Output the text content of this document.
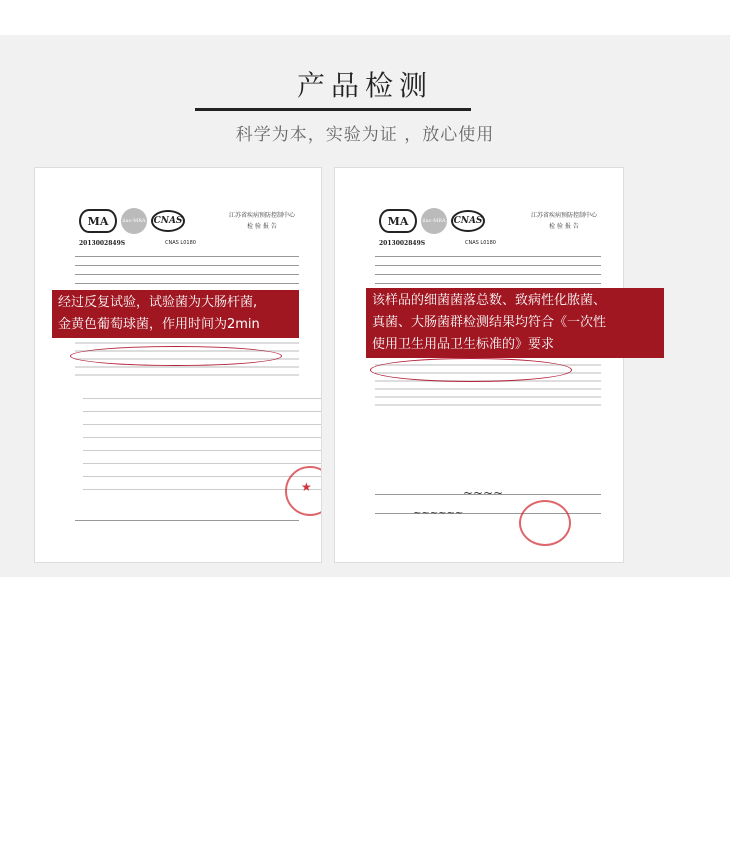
产品检测
科学为本，实验为证 ，放心使用
MA	ilac-MRA CNAS
江苏省疾病预防控制中心
检 验 报 告
2013002849S	CNAS L0180
★
MA	ilac-MRA CNAS
江苏省疾病预防控制中心
检 验 报 告
2013002849S	CNAS L0180
~~~~
~~~~~~
经过反复试验，试验菌为大肠杆菌,
金黄色葡萄球菌，作用时间为2min
该样品的细菌菌落总数、致病性化脓菌、
真菌、大肠菌群检测结果均符合《一次性
使用卫生用品卫生标准的》要求
